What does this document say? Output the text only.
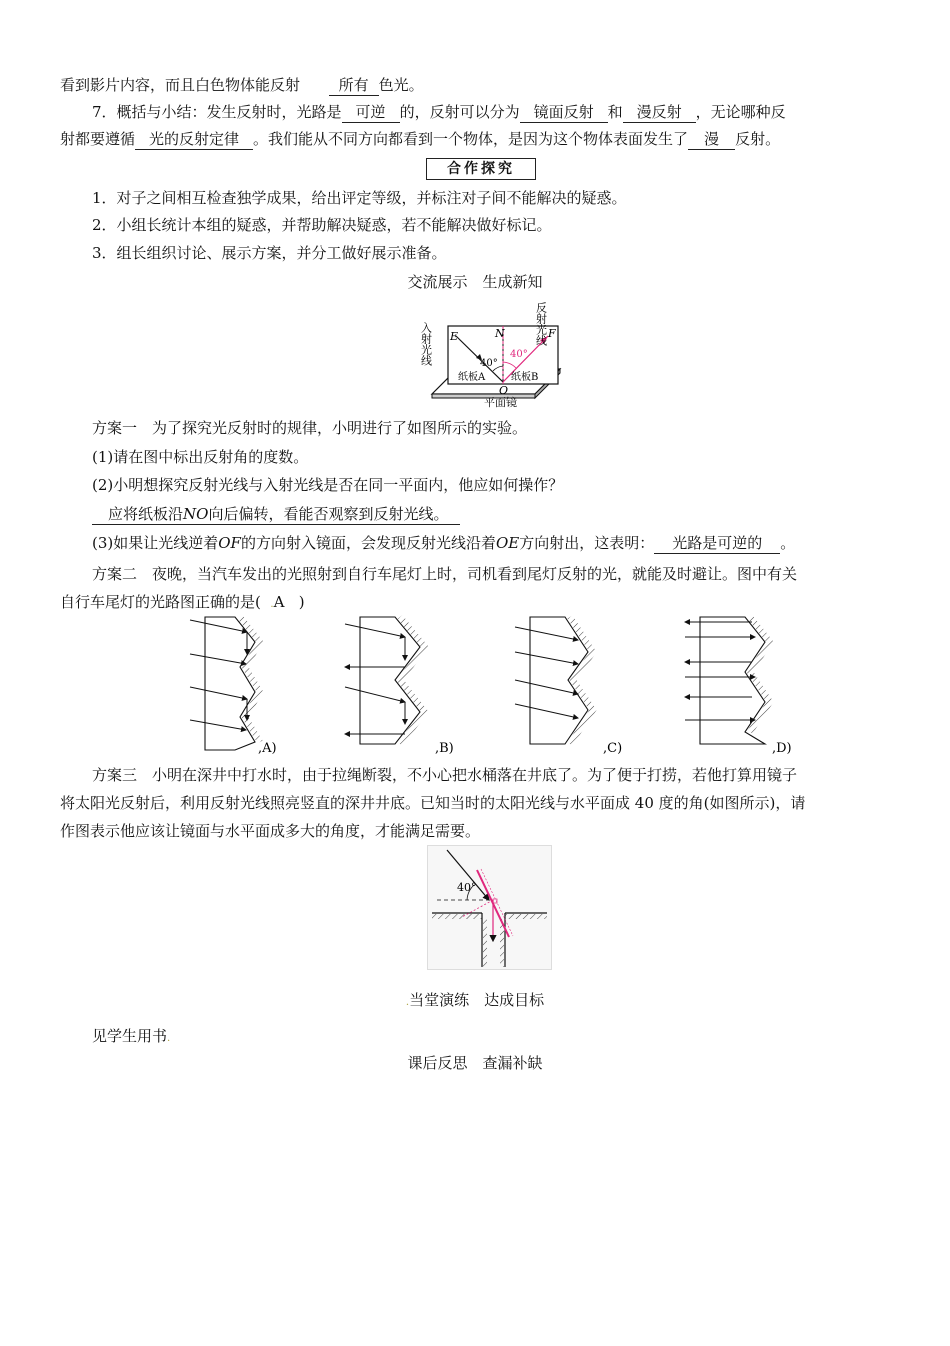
看到影片内容，而且白色物体能反射	所有 色光。
7．概括与小结：发生反射时，光路是 可逆 的，反射可以分为 镜面反射 和 漫反射 ，无论哪种反
射都要遵循 光的反射定律 。我们能从不同方向都看到一个物体，是因为这个物体表面发生了 漫 反射。
合作探究
1．对子之间相互检查独学成果，给出评定等级，并标注对子间不能解决的疑惑。
2．小组长统计本组的疑惑，并帮助解决疑惑，若不能解决做好标记。
3．组长组织讨论、展示方案，并分工做好展示准备。
交流展示　生成新知
E	N	F
O
40°
40°
纸板A	纸板B
平面镜
入射光线	反射光线
方案一　为了探究光反射时的规律，小明进行了如图所示的实验。
(1)请在图中标出反射角的度数。
(2)小明想探究反射光线与入射光线是否在同一平面内，他应如何操作？
应将纸板沿NO向后偏转，看能否观察到反射光线。
(3)如果让光线逆着OF的方向射入镜面，会发现反射光线沿着OE方向射出，这表明： 光路是可逆的 。
方案二　夜晚，当汽车发出的光照射到自行车尾灯上时，司机看到尾灯反射的光，就能及时避让。图中有关
自行车尾灯的光路图正确的是( .A )
,A)	,B)	,C)	,D)
方案三　小明在深井中打水时，由于拉绳断裂，不小心把水桶落在井底了。为了便于打捞，若他打算用镜子
将太阳光反射后，利用反射光线照亮竖直的深井井底。已知当时的太阳光线与水平面成 40 度的角(如图所示)，请
作图表示他应该让镜面与水平面成多大的角度，才能满足需要。
40°
.当堂演练　达成目标
见学生用书.
课后反思　查漏补缺
